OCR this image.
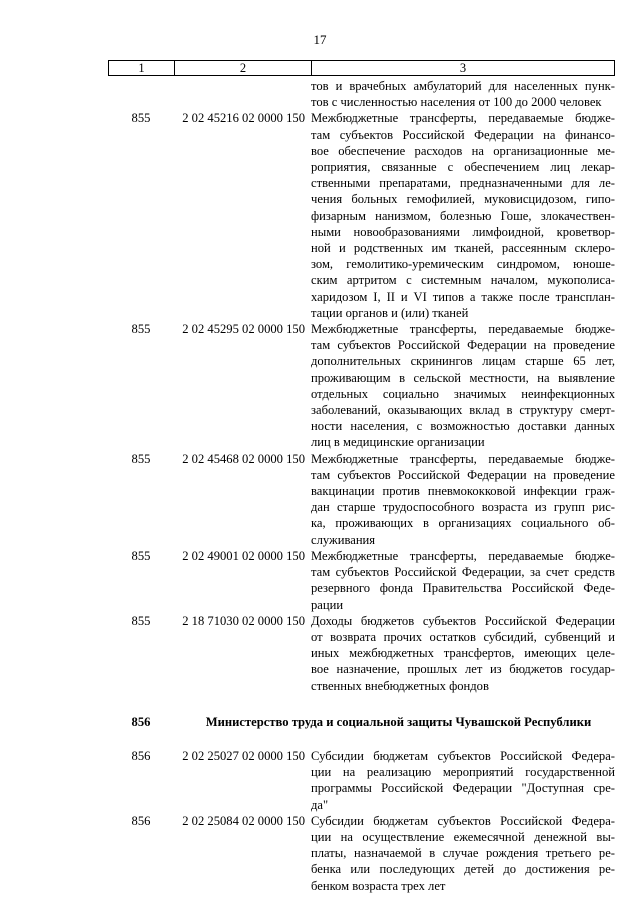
17
1	2	3
тов и врачебных амбулаторий для населенных пунк-
тов с численностью населения от 100 до 2000 человек
855	2 02 45216 02 0000 150 Межбюджетные трансферты, передаваемые бюдже-
там субъектов Российской Федерации на финансо-
вое обеспечение расходов на организационные ме-
роприятия, связанные с обеспечением лиц лекар-
ственными препаратами, предназначенными для ле-
чения больных гемофилией, муковисцидозом, гипо-
физарным нанизмом, болезнью Гоше, злокачествен-
ными новообразованиями лимфоидной, кроветвор-
ной и родственных им тканей, рассеянным склеро-
зом, гемолитико-уремическим синдромом, юноше-
ским артритом с системным началом, мукополиса-
харидозом I, II и VI типов а также после трансплан-
тации органов и (или) тканей
855	2 02 45295 02 0000 150 Межбюджетные трансферты, передаваемые бюдже-
там субъектов Российской Федерации на проведение
дополнительных скринингов лицам старше 65 лет,
проживающим в сельской местности, на выявление
отдельных социально значимых неинфекционных
заболеваний, оказывающих вклад в структуру смерт-
ности населения, с возможностью доставки данных
лиц в медицинские организации
855	2 02 45468 02 0000 150 Межбюджетные трансферты, передаваемые бюдже-
там субъектов Российской Федерации на проведение
вакцинации против пневмококковой инфекции граж-
дан старше трудоспособного возраста из групп рис-
ка, проживающих в организациях социального об-
служивания
855	2 02 49001 02 0000 150 Межбюджетные трансферты, передаваемые бюдже-
там субъектов Российской Федерации, за счет средств
резервного фонда Правительства Российской Феде-
рации
855	2 18 71030 02 0000 150 Доходы бюджетов субъектов Российской Федерации
от возврата прочих остатков субсидий, субвенций и
иных межбюджетных трансфертов, имеющих целе-
вое назначение, прошлых лет из бюджетов государ-
ственных внебюджетных фондов
856	Министерство труда и социальной защиты Чувашской Республики
856	2 02 25027 02 0000 150 Субсидии бюджетам субъектов Российской Федера-
ции на реализацию мероприятий государственной
программы Российской Федерации "Доступная сре-
да"
856	2 02 25084 02 0000 150 Субсидии бюджетам субъектов Российской Федера-
ции на осуществление ежемесячной денежной вы-
платы, назначаемой в случае рождения третьего ре-
бенка или последующих детей до достижения ре-
бенком возраста трех лет
